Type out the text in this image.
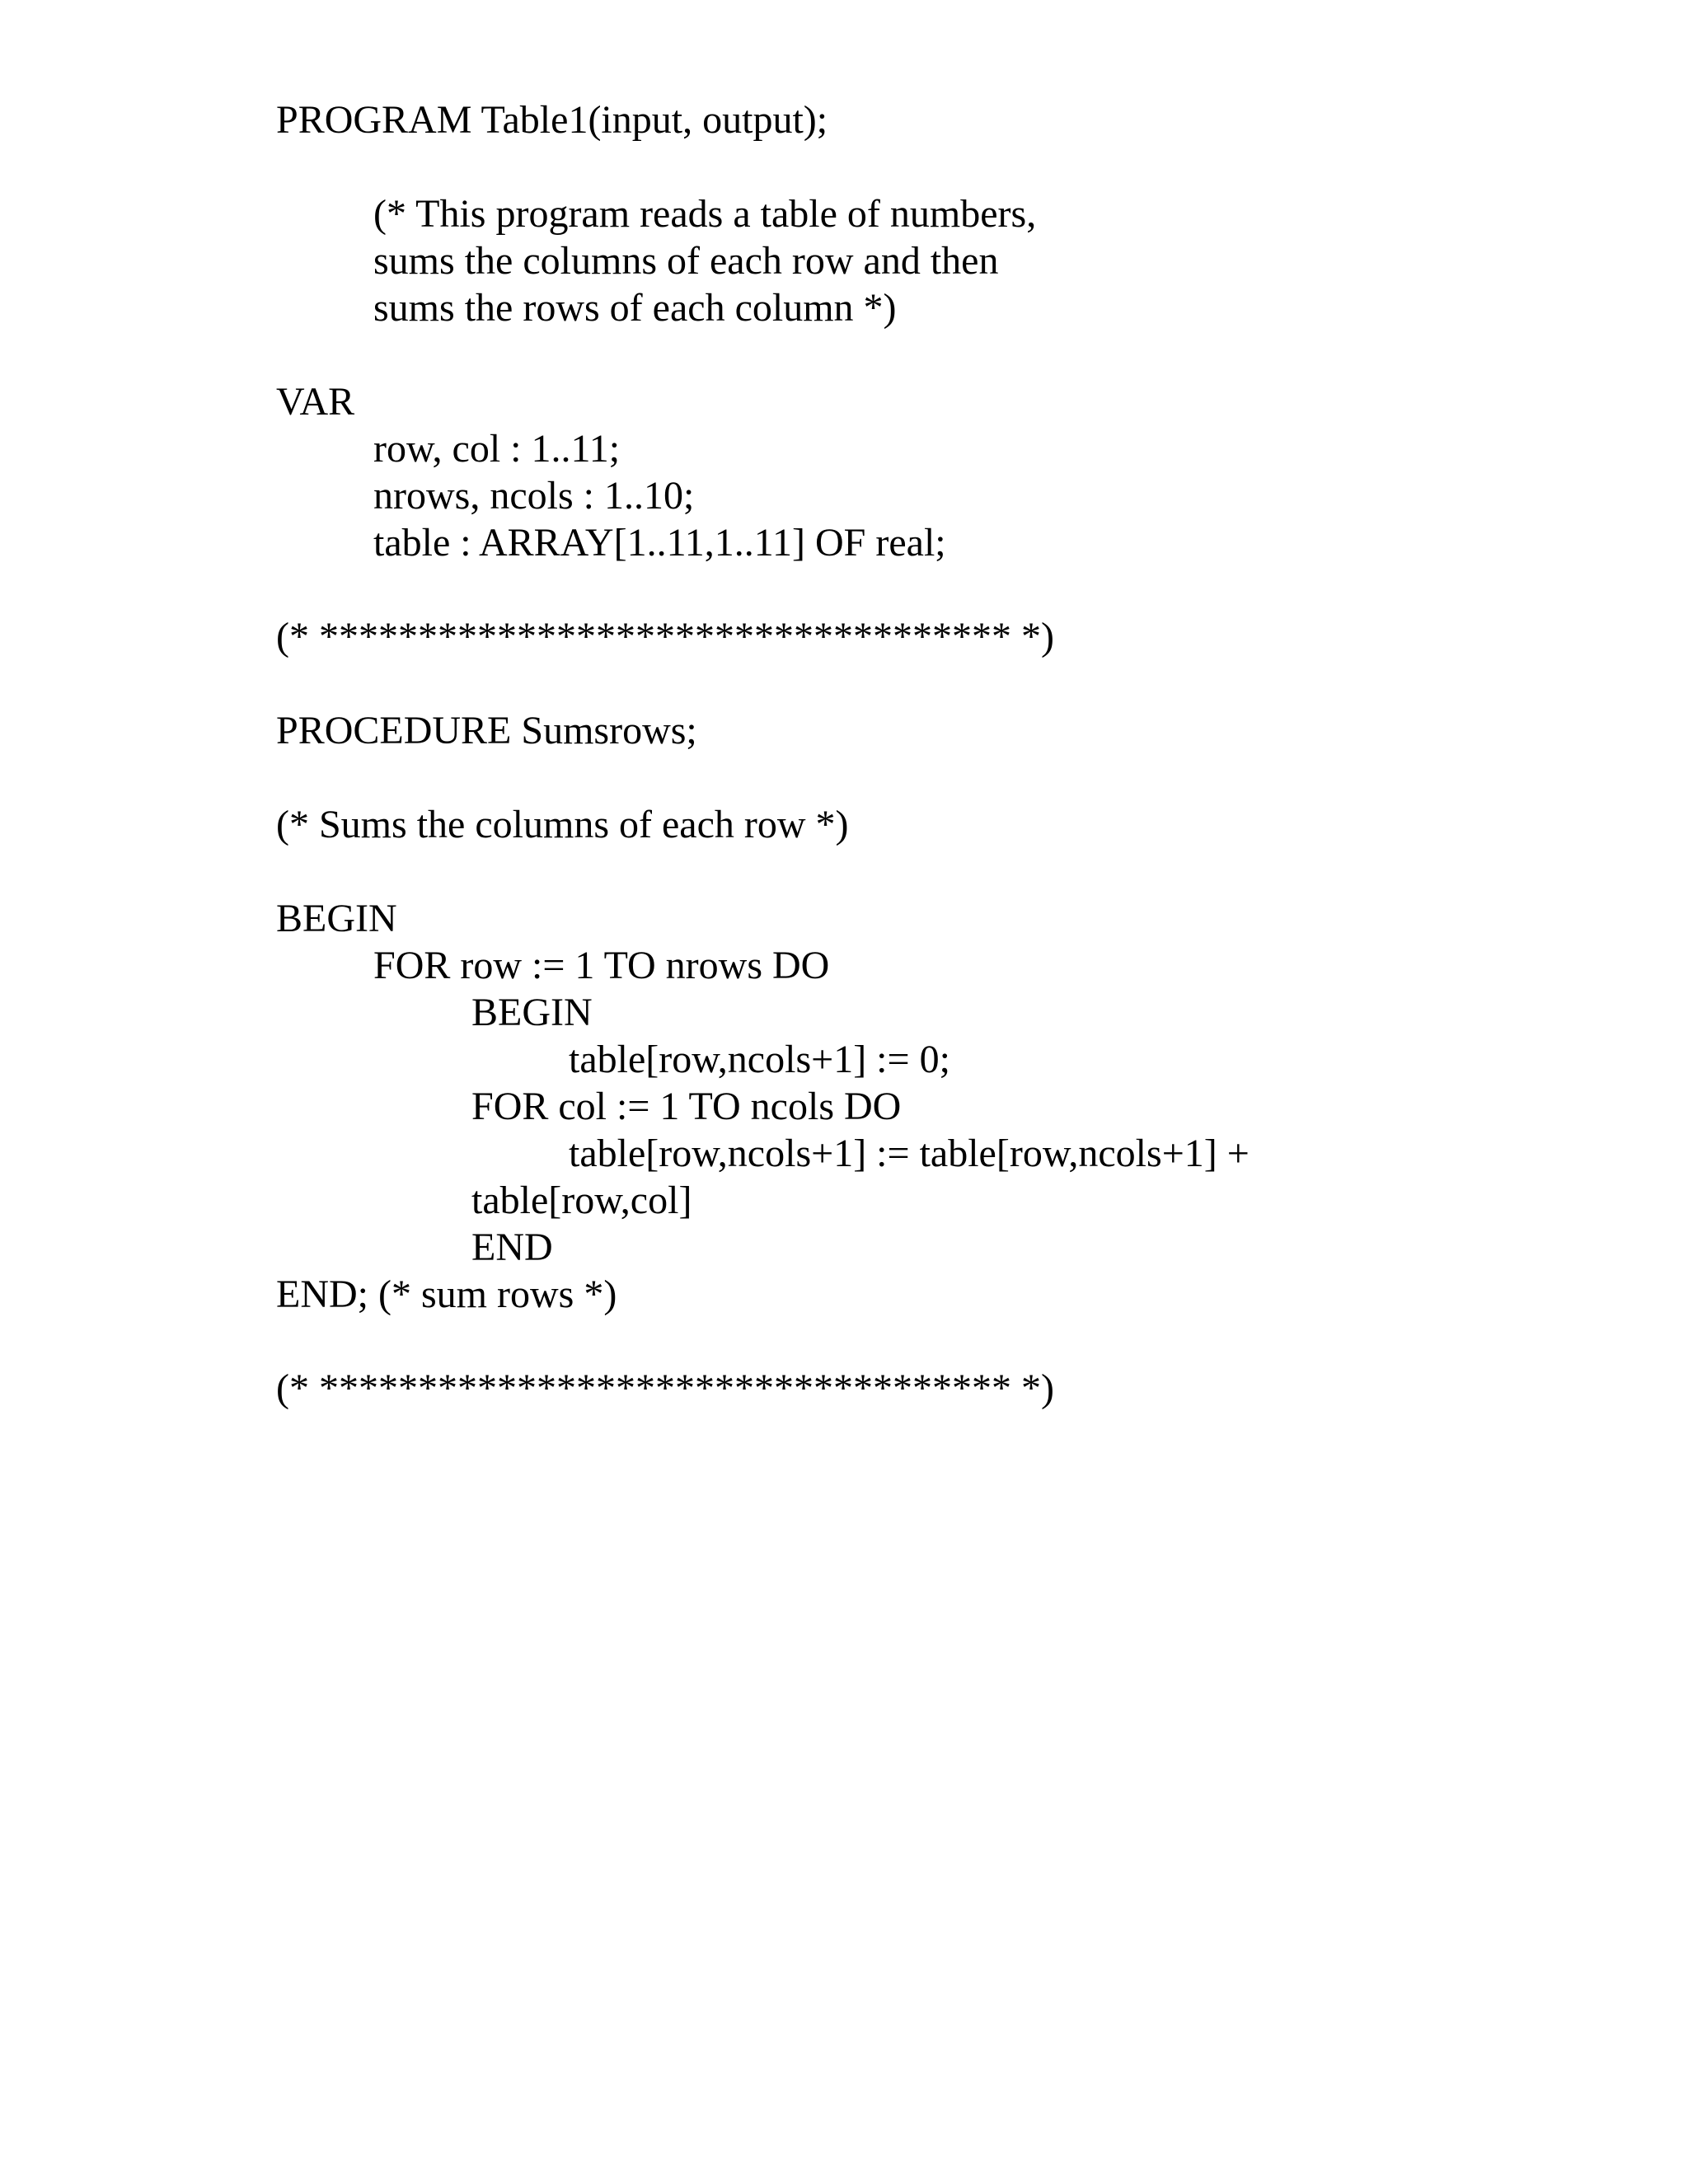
PROGRAM Table1(input, output);
(* This program reads a table of numbers,
sums the columns of each row and then
sums the rows of each column *)
VAR
row, col : 1..11;
nrows, ncols : 1..10;
table : ARRAY[1..11,1..11] OF real;
(* *********************************** *)
PROCEDURE Sumsrows;
(* Sums the columns of each row *)
BEGIN
FOR row := 1 TO nrows DO
BEGIN
table[row,ncols+1] := 0;
FOR col := 1 TO ncols DO
table[row,ncols+1] := table[row,ncols+1] +
table[row,col]
END
END; (* sum rows *)
(* *********************************** *)
